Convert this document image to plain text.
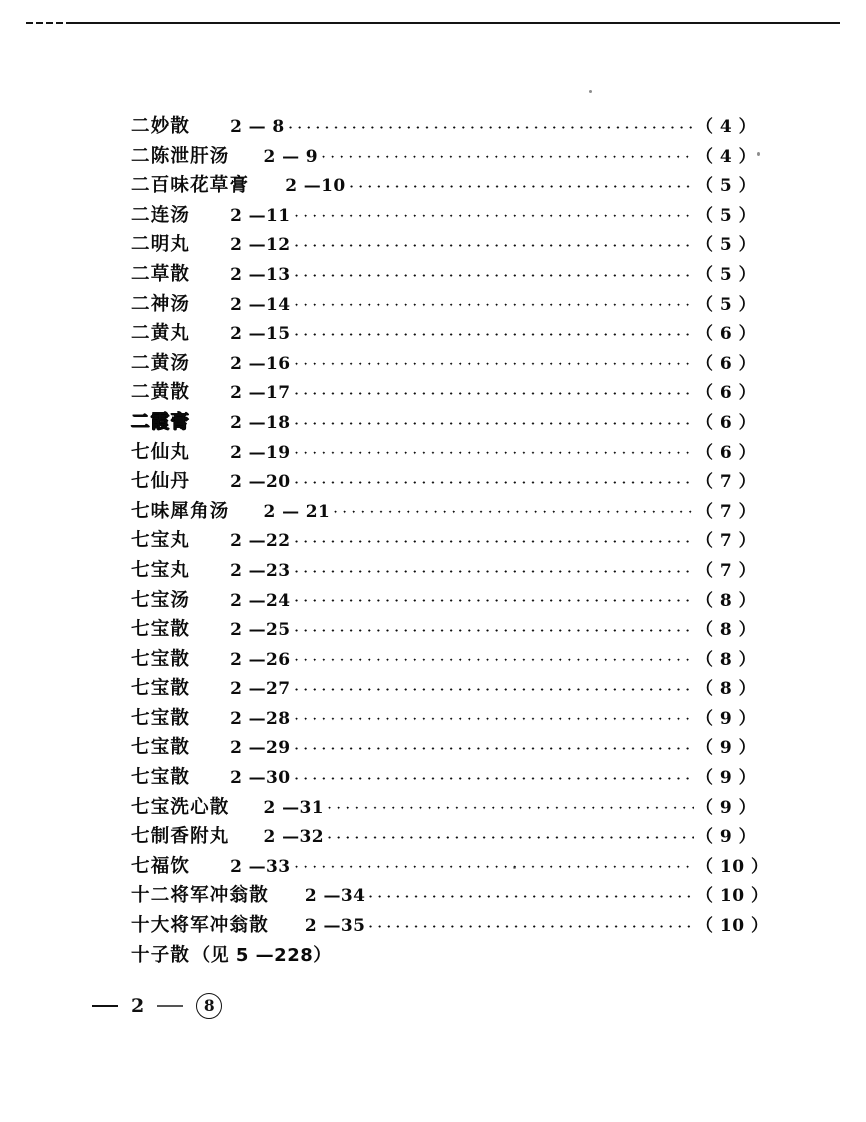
二妙散 2 — 8	（ 4 ）
二陈泄肝汤 2 — 9	（ 4 ）
二百味花草膏 2 —10	（ 5 ）
二连汤 2 —11	（ 5 ）
二明丸 2 —12	（ 5 ）
二草散 2 —13	（ 5 ）
二神汤 2 —14	（ 5 ）
二黄丸 2 —15	（ 6 ）
二黄汤 2 —16	（ 6 ）
二黄散 2 —17	（ 6 ）
二霞膏 2 —18	（ 6 ）
七仙丸 2 —19	（ 6 ）
七仙丹 2 —20	（ 7 ）
七味犀角汤 2 — 21	（ 7 ）
七宝丸 2 —22	（ 7 ）
七宝丸 2 —23	（ 7 ）
七宝汤 2 —24	（ 8 ）
七宝散 2 —25	（ 8 ）
七宝散 2 —26	（ 8 ）
七宝散 2 —27	（ 8 ）
七宝散 2 —28	（ 9 ）
七宝散 2 —29	（ 9 ）
七宝散 2 —30	（ 9 ）
七宝洗心散 2 —31	（ 9 ）
七制香附丸 2 —32	（ 9 ）
七福饮 2 —33	（ 10 ）
十二将军冲翁散 2 —34	（ 10 ）
十大将军冲翁散 2 —35	（ 10 ）
十子散 （见 5 —228）
2	8
